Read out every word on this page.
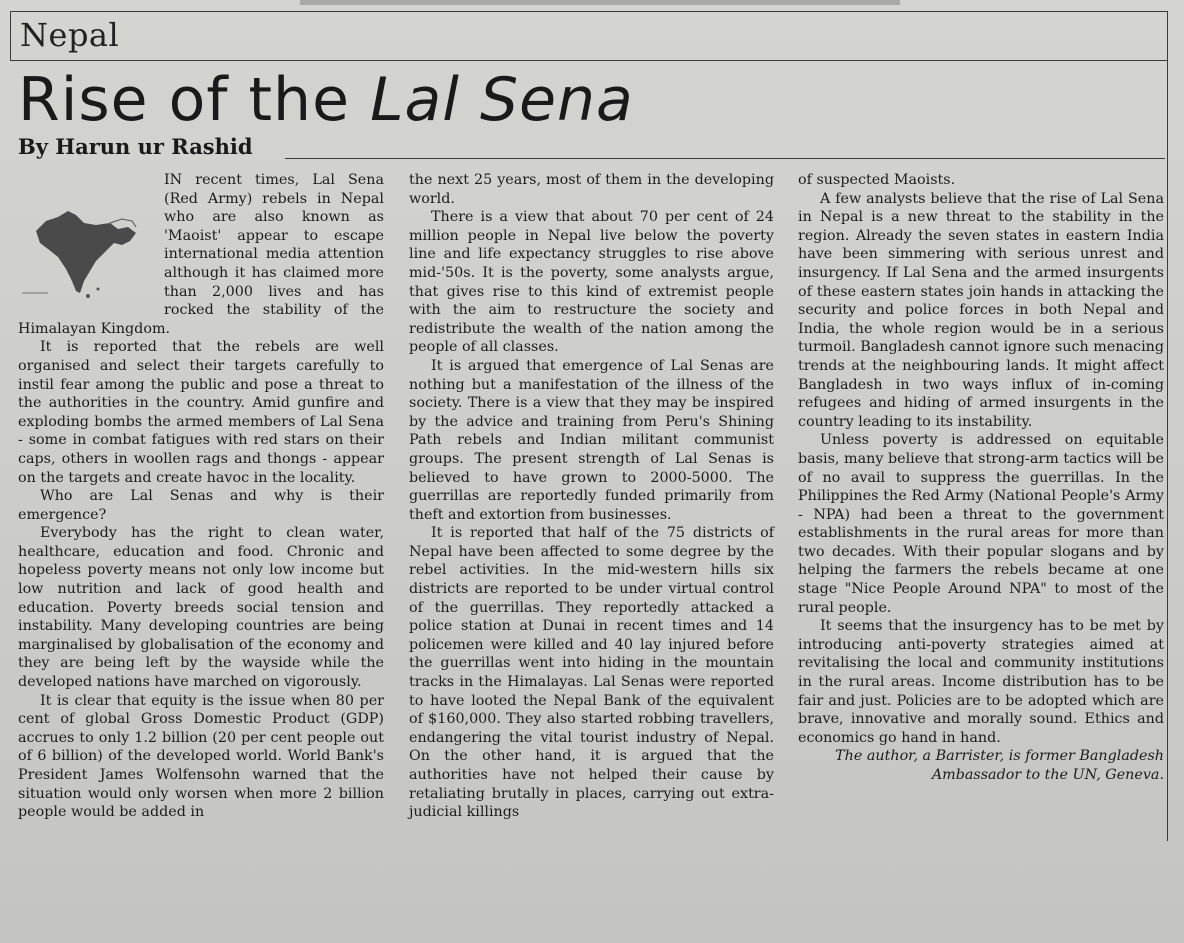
Nepal
Rise of the Lal Sena
By Harun ur Rashid

IN recent times, Lal Sena (Red Army) rebels in Nepal who are also known as 'Maoist' appear to escape international media attention although it has claimed more than 2,000 lives and has rocked the stability of the Himalayan Kingdom.

It is reported that the rebels are well organised and select their targets carefully to instil fear among the public and pose a threat to the authorities in the country. Amid gunfire and exploding bombs the armed members of Lal Sena - some in combat fatigues with red stars on their caps, others in woollen rags and thongs - appear on the targets and create havoc in the locality.

Who are Lal Senas and why is their emergence?

Everybody has the right to clean water, healthcare, education and food. Chronic and hopeless poverty means not only low income but low nutrition and lack of good health and education. Poverty breeds social tension and instability. Many developing countries are being marginalised by globalisation of the economy and they are being left by the wayside while the developed nations have marched on vigorously.

It is clear that equity is the issue when 80 per cent of global Gross Domestic Product (GDP) accrues to only 1.2 billion (20 per cent people out of 6 billion) of the developed world. World Bank's President James Wolfensohn warned that the situation would only worsen when more 2 billion people would be added in

the next 25 years, most of them in the developing world.

There is a view that about 70 per cent of 24 million people in Nepal live below the poverty line and life expectancy struggles to rise above mid-'50s. It is the poverty, some analysts argue, that gives rise to this kind of extremist people with the aim to restructure the society and redistribute the wealth of the nation among the people of all classes.

It is argued that emergence of Lal Senas are nothing but a manifestation of the illness of the society. There is a view that they may be inspired by the advice and training from Peru's Shining Path rebels and Indian militant communist groups. The present strength of Lal Senas is believed to have grown to 2000-5000. The guerrillas are reportedly funded primarily from theft and extortion from businesses.

It is reported that half of the 75 districts of Nepal have been affected to some degree by the rebel activities. In the mid-western hills six districts are reported to be under virtual control of the guerrillas. They reportedly attacked a police station at Dunai in recent times and 14 policemen were killed and 40 lay injured before the guerrillas went into hiding in the mountain tracks in the Himalayas. Lal Senas were reported to have looted the Nepal Bank of the equivalent of $160,000. They also started robbing travellers, endangering the vital tourist industry of Nepal. On the other hand, it is argued that the authorities have not helped their cause by retaliating brutally in places, carrying out extra-judicial killings

of suspected Maoists.

A few analysts believe that the rise of Lal Sena in Nepal is a new threat to the stability in the region. Already the seven states in eastern India have been simmering with serious unrest and insurgency. If Lal Sena and the armed insurgents of these eastern states join hands in attacking the security and police forces in both Nepal and India, the whole region would be in a serious turmoil. Bangladesh cannot ignore such menacing trends at the neighbouring lands. It might affect Bangladesh in two ways influx of in-coming refugees and hiding of armed insurgents in the country leading to its instability.

Unless poverty is addressed on equitable basis, many believe that strong-arm tactics will be of no avail to suppress the guerrillas. In the Philippines the Red Army (National People's Army - NPA) had been a threat to the government establishments in the rural areas for more than two decades. With their popular slogans and by helping the farmers the rebels became at one stage "Nice People Around NPA" to most of the rural people.

It seems that the insurgency has to be met by introducing anti-poverty strategies aimed at revitalising the local and community institutions in the rural areas. Income distribution has to be fair and just. Policies are to be adopted which are brave, innovative and morally sound. Ethics and economics go hand in hand.

The author, a Barrister, is former Bangladesh Ambassador to the UN, Geneva.
